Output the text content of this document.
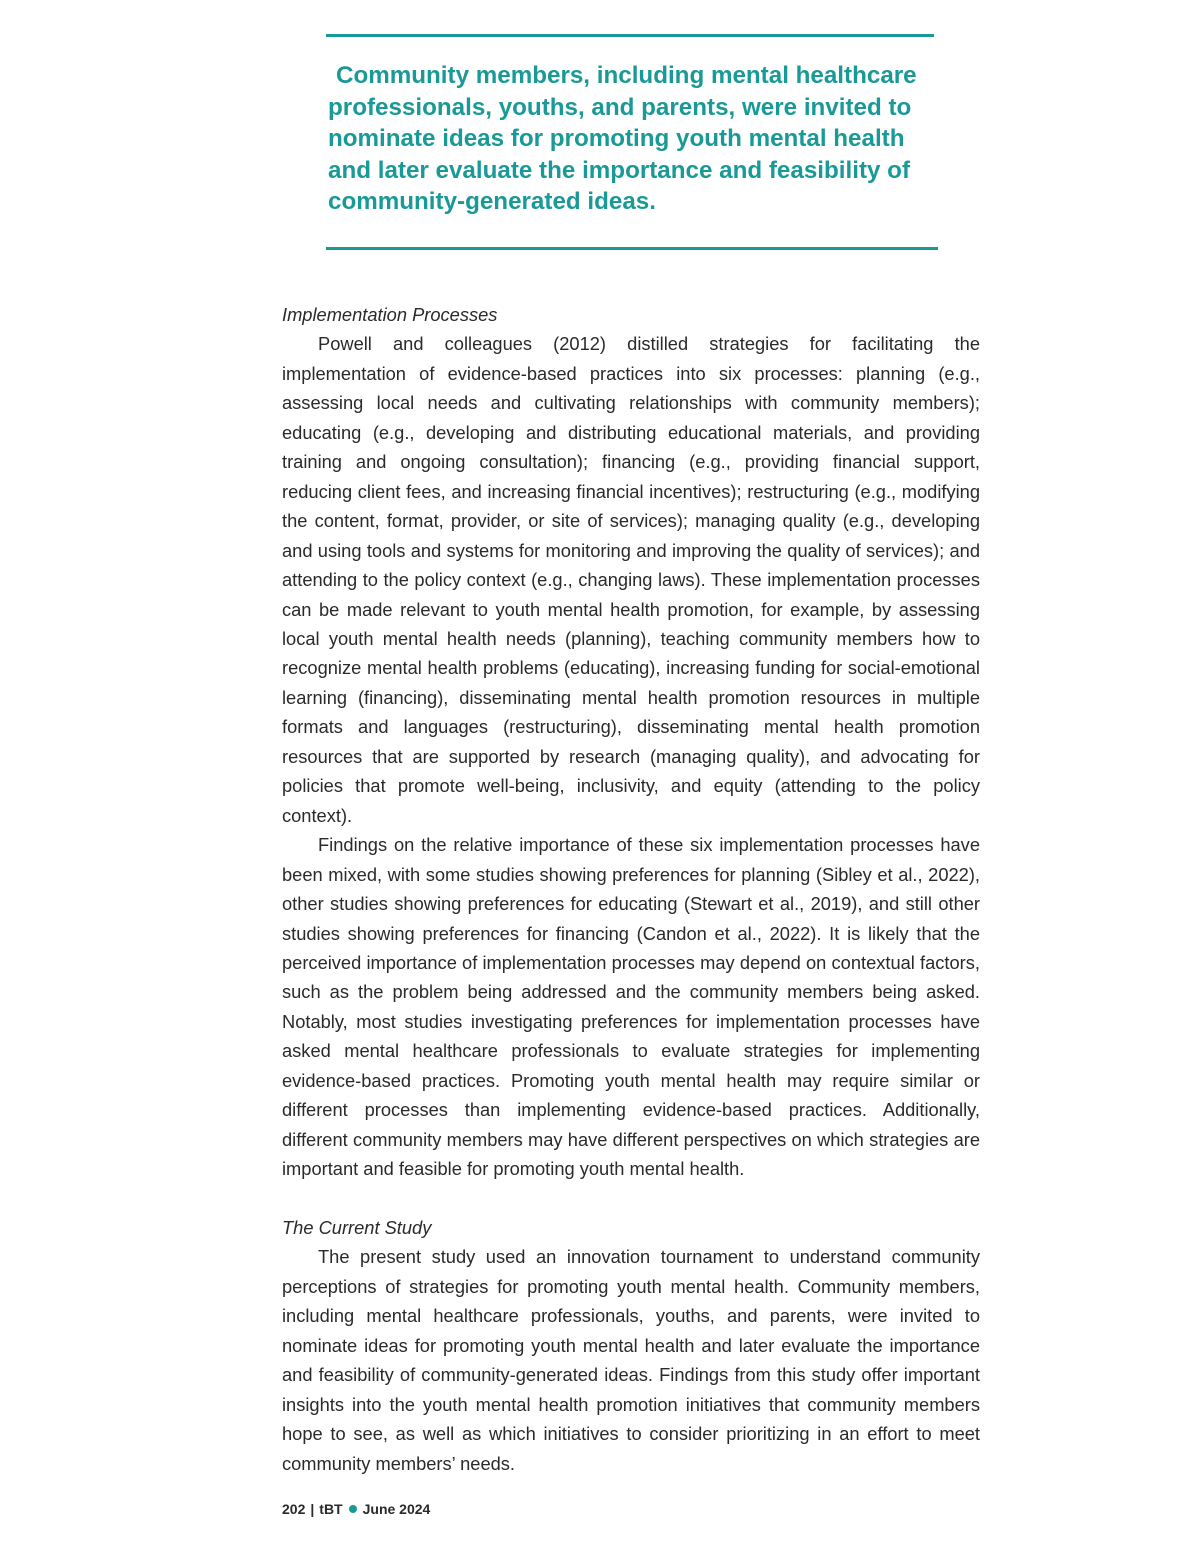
Community members, including mental healthcare professionals, youths, and parents, were invited to nominate ideas for promoting youth mental health and later evaluate the importance and feasibility of community-generated ideas.

Implementation Processes

Powell and colleagues (2012) distilled strategies for facilitating the implementation of evidence-based practices into six processes: planning (e.g., assessing local needs and cultivating relationships with community members); educating (e.g., developing and distributing educational materials, and providing training and ongoing consultation); financing (e.g., providing financial support, reducing client fees, and increasing financial incentives); restructuring (e.g., modifying the content, format, provider, or site of services); managing quality (e.g., developing and using tools and systems for monitoring and improving the quality of services); and attending to the policy context (e.g., changing laws). These implementation processes can be made relevant to youth mental health promotion, for example, by assessing local youth mental health needs (planning), teaching community members how to recognize mental health problems (educating), increasing funding for social-emotional learning (financing), disseminating mental health promotion resources in multiple formats and languages (restructuring), disseminating mental health promotion resources that are supported by research (managing quality), and advocating for policies that promote well-being, inclusivity, and equity (attending to the policy context).

Findings on the relative importance of these six implementation processes have been mixed, with some studies showing preferences for planning (Sibley et al., 2022), other studies showing preferences for educating (Stewart et al., 2019), and still other studies showing preferences for financing (Candon et al., 2022). It is likely that the perceived importance of implementation processes may depend on contextual factors, such as the problem being addressed and the community members being asked. Notably, most studies investigating preferences for implementation processes have asked mental healthcare professionals to evaluate strategies for implementing evidence-based practices. Promoting youth mental health may require similar or different processes than implementing evidence-based practices. Additionally, different community members may have different perspectives on which strategies are important and feasible for promoting youth mental health.

The Current Study

The present study used an innovation tournament to understand community perceptions of strategies for promoting youth mental health. Community members, including mental healthcare professionals, youths, and parents, were invited to nominate ideas for promoting youth mental health and later evaluate the importance and feasibility of community-generated ideas. Findings from this study offer important insights into the youth mental health promotion initiatives that community members hope to see, as well as which initiatives to consider prioritizing in an effort to meet community members’ needs.

202 | tBT June 2024
